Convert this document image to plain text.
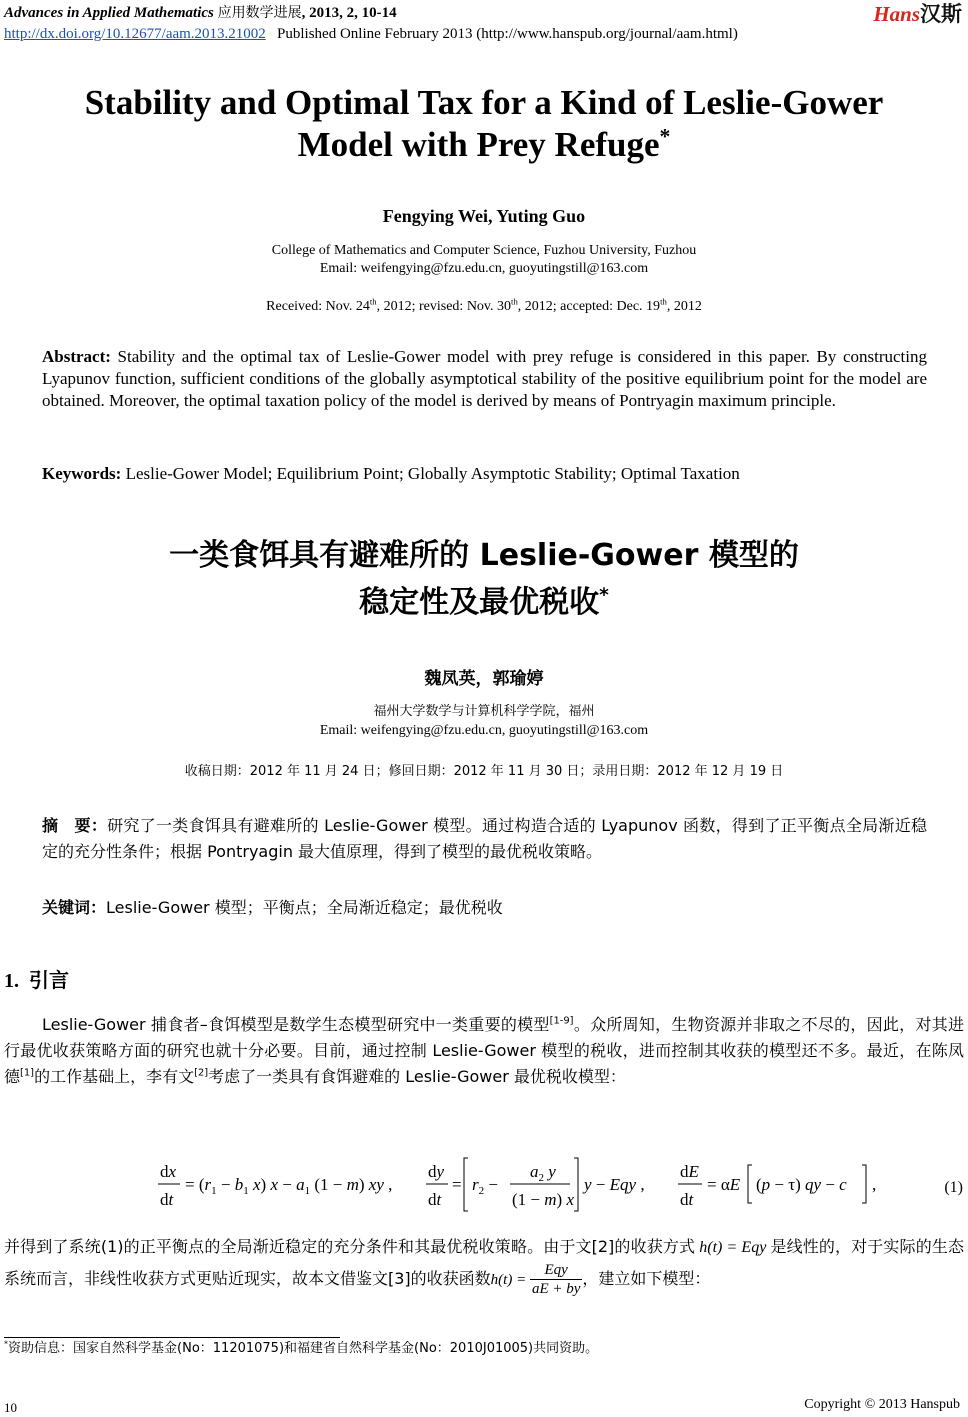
Advances in Applied Mathematics 应用数学进展, 2013, 2, 10-14
http://dx.doi.org/10.12677/aam.2013.21002 Published Online February 2013 (http://www.hanspub.org/journal/aam.html)
Hans汉斯
Stability and Optimal Tax for a Kind of Leslie-Gower
Model with Prey Refuge*
Fengying Wei, Yuting Guo
College of Mathematics and Computer Science, Fuzhou University, Fuzhou
Email: weifengying@fzu.edu.cn, guoyutingstill@163.com
Received: Nov. 24th, 2012; revised: Nov. 30th, 2012; accepted: Dec. 19th, 2012
Abstract: Stability and the optimal tax of Leslie-Gower model with prey refuge is considered in this paper. By constructing Lyapunov function, sufficient conditions of the globally asymptotical stability of the positive equilibrium point for the model are obtained. Moreover, the optimal taxation policy of the model is derived by means of Pontryagin maximum principle.
Keywords: Leslie-Gower Model; Equilibrium Point; Globally Asymptotic Stability; Optimal Taxation
一类食饵具有避难所的 Leslie-Gower 模型的
稳定性及最优税收*
魏凤英，郭瑜婷
福州大学数学与计算机科学学院，福州
Email: weifengying@fzu.edu.cn, guoyutingstill@163.com
收稿日期：2012 年 11 月 24 日；修回日期：2012 年 11 月 30 日；录用日期：2012 年 12 月 19 日
摘　要：研究了一类食饵具有避难所的 Leslie-Gower 模型。通过构造合适的 Lyapunov 函数，得到了正平衡点全局渐近稳定的充分性条件；根据 Pontryagin 最大值原理，得到了模型的最优税收策略。
关键词：Leslie-Gower 模型；平衡点；全局渐近稳定；最优税收
1. 引言
Leslie-Gower 捕食者–食饵模型是数学生态模型研究中一类重要的模型[1-9]。众所周知，生物资源并非取之不尽的，因此，对其进行最优收获策略方面的研究也就十分必要。目前，通过控制 Leslie-Gower 模型的税收，进而控制其收获的模型还不多。最近，在陈凤德[1]的工作基础上，李有文[2]考虑了一类具有食饵避难的 Leslie-Gower 最优税收模型：
dx
dt
= ($r_1 - b_1$ x) $x - a_1$ (1 − m) xy ,
dy
dt
= $r_2$ −
$a_2$ y
(1 − m) x
y − Eqy ,
dE
dt
= αE (p − τ) qy − c ,	(1)
并得到了系统(1)的正平衡点的全局渐近稳定的充分条件和其最优税收策略。由于文[2]的收获方式 h(t) = Eqy 是线性的，对于实际的生态系统而言，非线性收获方式更贴近现实，故本文借鉴文[3]的收获函数$h(t) = \frac{\text{Eqy}}{aE + by}$ ，建立如下模型：
*资助信息：国家自然科学基金(No：11201075)和福建省自然科学基金(No：2010J01005)共同资助。
10	Copyright © 2013 Hanspub
